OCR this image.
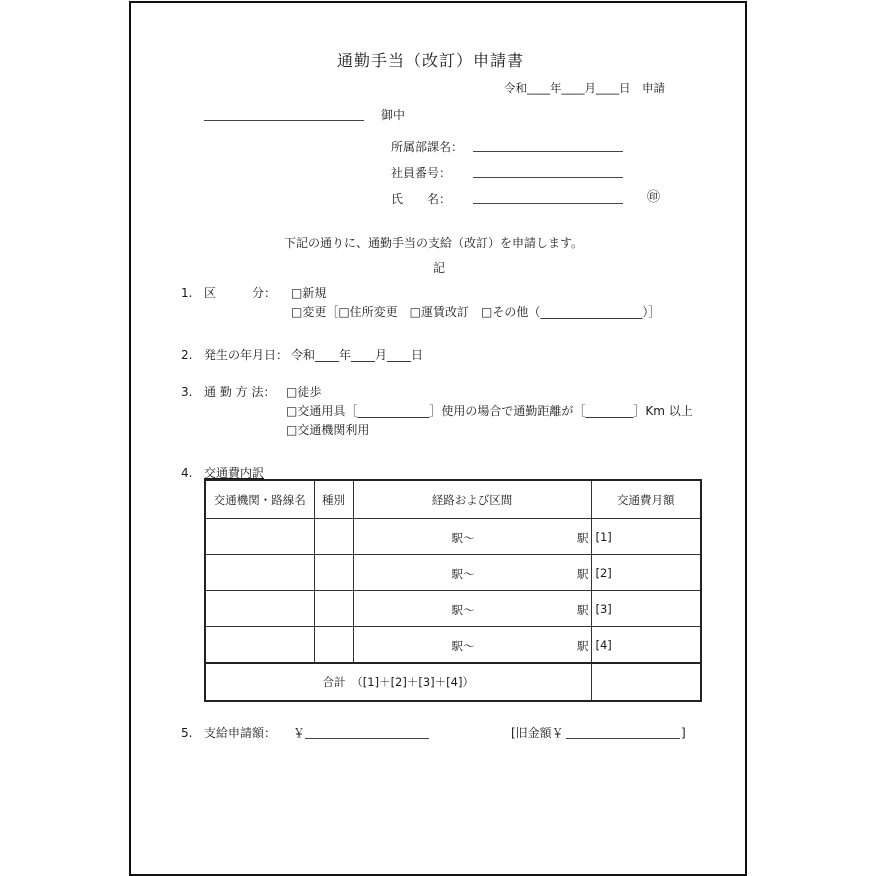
通勤手当（改訂）申請書
令和____年____月____日　申請
御中
所属部課名：
社員番号：
氏　　名：	㊞
下記の通りに、通勤手当の支給（改訂）を申請します。
記
1. 区　　　分： □新規
□変更［□住所変更　□運賃改訂　□その他（_________________）］
2. 発生の年月日： 令和____年____月____日
3. 通 勤 方 法： □徒歩
□交通用具［____________］使用の場合で通勤距離が［________］Km 以上
□交通機関利用
4. 交通費内訳
交通機関・路線名	種別	経路および区間	交通費月額

		駅～ 駅	[1]

		駅～ 駅	[2]

		駅～ 駅	[3]

		駅～ 駅	[4]
合計　（[1]＋[2]＋[3]＋[4]）			
5. 支給申請額： ￥	[旧金額￥	]
